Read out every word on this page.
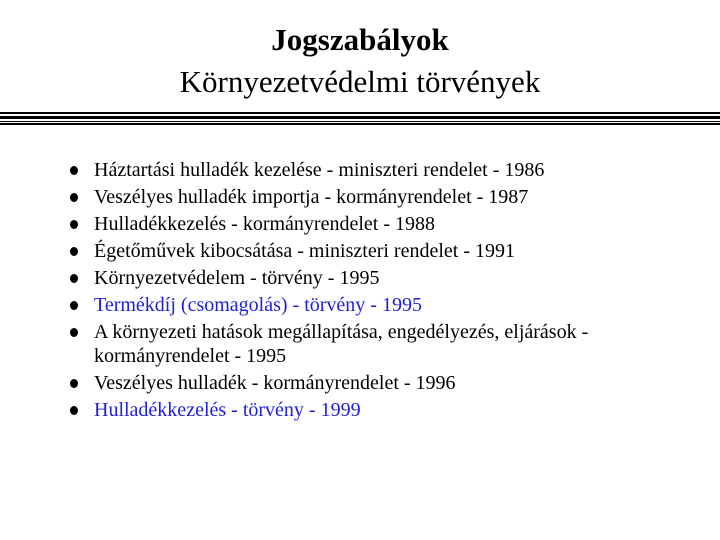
Jogszabályok
Környezetvédelmi törvények
Háztartási hulladék kezelése - miniszteri rendelet - 1986
Veszélyes hulladék importja - kormányrendelet - 1987
Hulladékkezelés - kormányrendelet - 1988
Égetőművek kibocsátása - miniszteri rendelet - 1991
Környezetvédelem - törvény - 1995
Termékdíj (csomagolás) - törvény - 1995
A környezeti hatások megállapítása, engedélyezés, eljárások - kormányrendelet - 1995
Veszélyes hulladék - kormányrendelet - 1996
Hulladékkezelés - törvény - 1999
